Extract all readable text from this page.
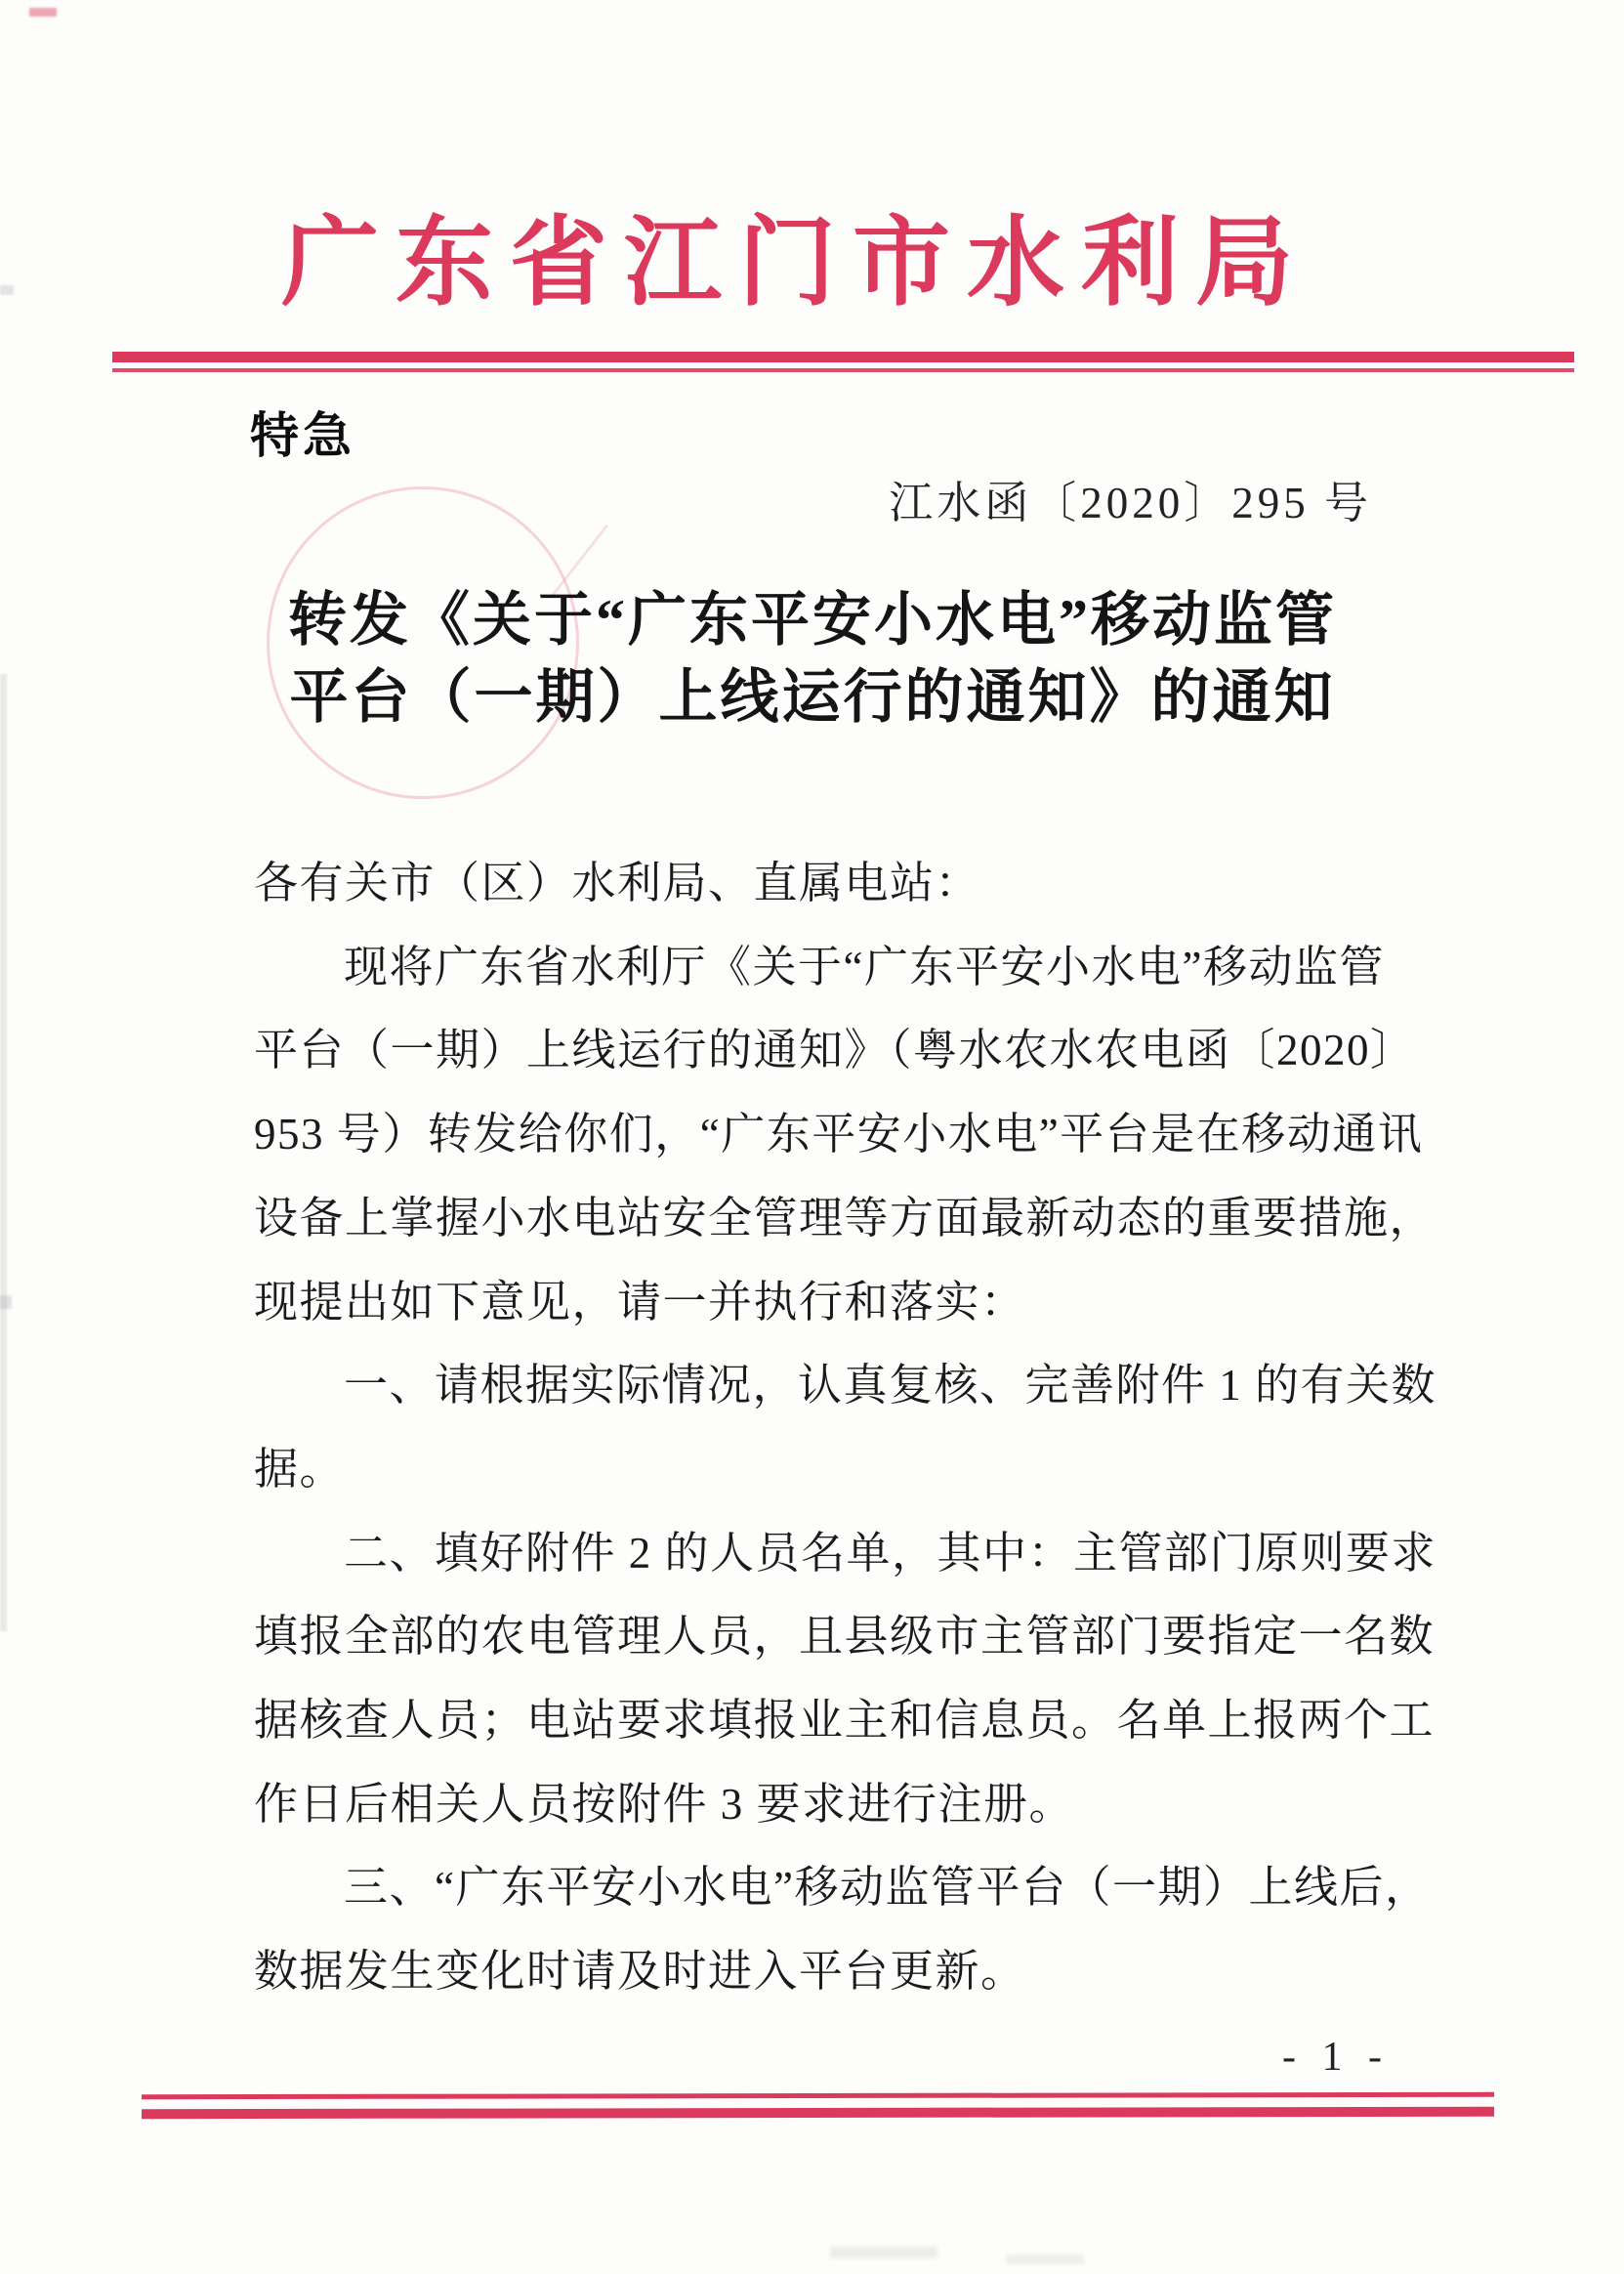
广东省江门市水利局
特急
江水函〔2020〕295 号
转发《关于“广东平安小水电”移动监管
平台（一期）上线运行的通知》的通知
各有关市（区）水利局、直属电站：
现将广东省水利厅《关于“广东平安小水电”移动监管
平台（一期）上线运行的通知》（粤水农水农电函〔2020〕
953 号）转发给你们，“广东平安小水电”平台是在移动通讯
设备上掌握小水电站安全管理等方面最新动态的重要措施，
现提出如下意见，请一并执行和落实：
一、请根据实际情况，认真复核、完善附件 1 的有关数
据。
二、填好附件 2 的人员名单，其中：主管部门原则要求
填报全部的农电管理人员，且县级市主管部门要指定一名数
据核查人员；电站要求填报业主和信息员。名单上报两个工
作日后相关人员按附件 3 要求进行注册。
三、“广东平安小水电”移动监管平台（一期）上线后，
数据发生变化时请及时进入平台更新。
- 1 -
